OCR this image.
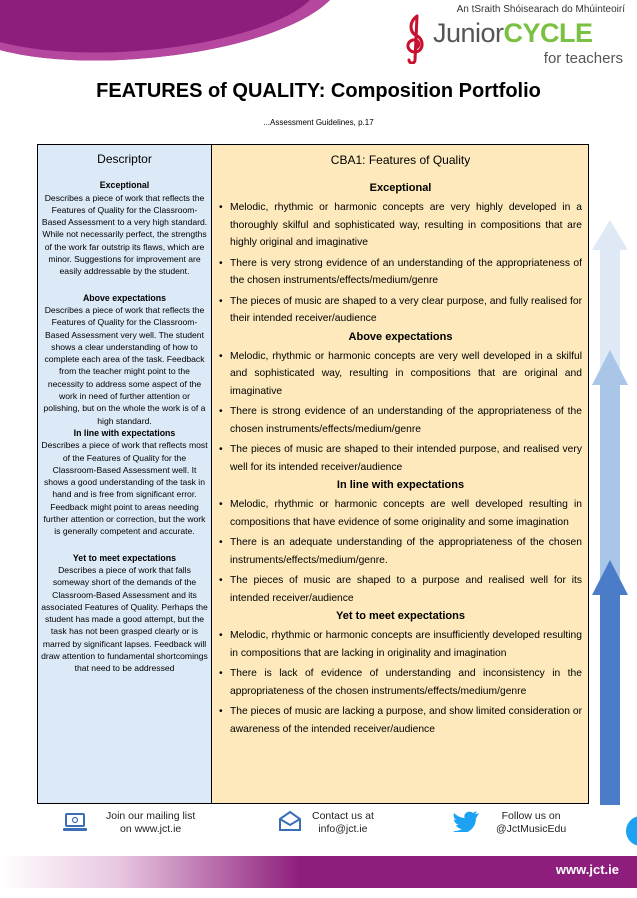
An tSraith Shóisearach do Mhúinteoirí
JuniorCYCLE
for teachers
FEATURES of QUALITY: Composition Portfolio
...Assessment Guidelines, p.17
Descriptor
Exceptional
Describes a piece of work that reflects the Features of Quality for the Classroom-Based Assessment to a very high standard. While not necessarily perfect, the strengths of the work far outstrip its flaws, which are minor. Suggestions for improvement are easily addressable by the student.
Above expectations
Describes a piece of work that reflects the Features of Quality for the Classroom-Based Assessment very well. The student shows a clear understanding of how to complete each area of the task. Feedback from the teacher might point to the necessity to address some aspect of the work in need of further attention or polishing, but on the whole the work is of a high standard.
In line with expectations
Describes a piece of work that reflects most of the Features of Quality for the Classroom-Based Assessment well. It shows a good understanding of the task in hand and is free from significant error. Feedback might point to areas needing further attention or correction, but the work is generally competent and accurate.
Yet to meet expectations
Describes a piece of work that falls someway short of the demands of the Classroom-Based Assessment and its associated Features of Quality. Perhaps the student has made a good attempt, but the task has not been grasped clearly or is marred by significant lapses. Feedback will draw attention to fundamental shortcomings that need to be addressed
CBA1: Features of Quality
Exceptional
• Melodic, rhythmic or harmonic concepts are very highly developed in a thoroughly skilful and sophisticated way, resulting in compositions that are highly original and imaginative
• There is very strong evidence of an understanding of the appropriateness of the chosen instruments/effects/medium/genre
• The pieces of music are shaped to a very clear purpose, and fully realised for their intended receiver/audience
Above expectations
• Melodic, rhythmic or harmonic concepts are very well developed in a skilful and sophisticated way, resulting in compositions that are original and imaginative
• There is strong evidence of an understanding of the appropriateness of the chosen instruments/effects/medium/genre
• The pieces of music are shaped to their intended purpose, and realised very well for its intended receiver/audience
In line with expectations
• Melodic, rhythmic or harmonic concepts are well developed resulting in compositions that have evidence of some originality and some imagination
• There is an adequate understanding of the appropriateness of the chosen instruments/effects/medium/genre.
• The pieces of music are shaped to a purpose and realised well for its intended receiver/audience
Yet to meet expectations
• Melodic, rhythmic or harmonic concepts are insufficiently developed resulting in compositions that are lacking in originality and imagination
• There is lack of evidence of understanding and inconsistency in the appropriateness of the chosen instruments/effects/medium/genre
• The pieces of music are lacking a purpose, and show limited consideration or awareness of the intended receiver/audience
Join our mailing list
on www.jct.ie
Contact us at
info@jct.ie
Follow us on
@JctMusicEdu
www.jct.ie
